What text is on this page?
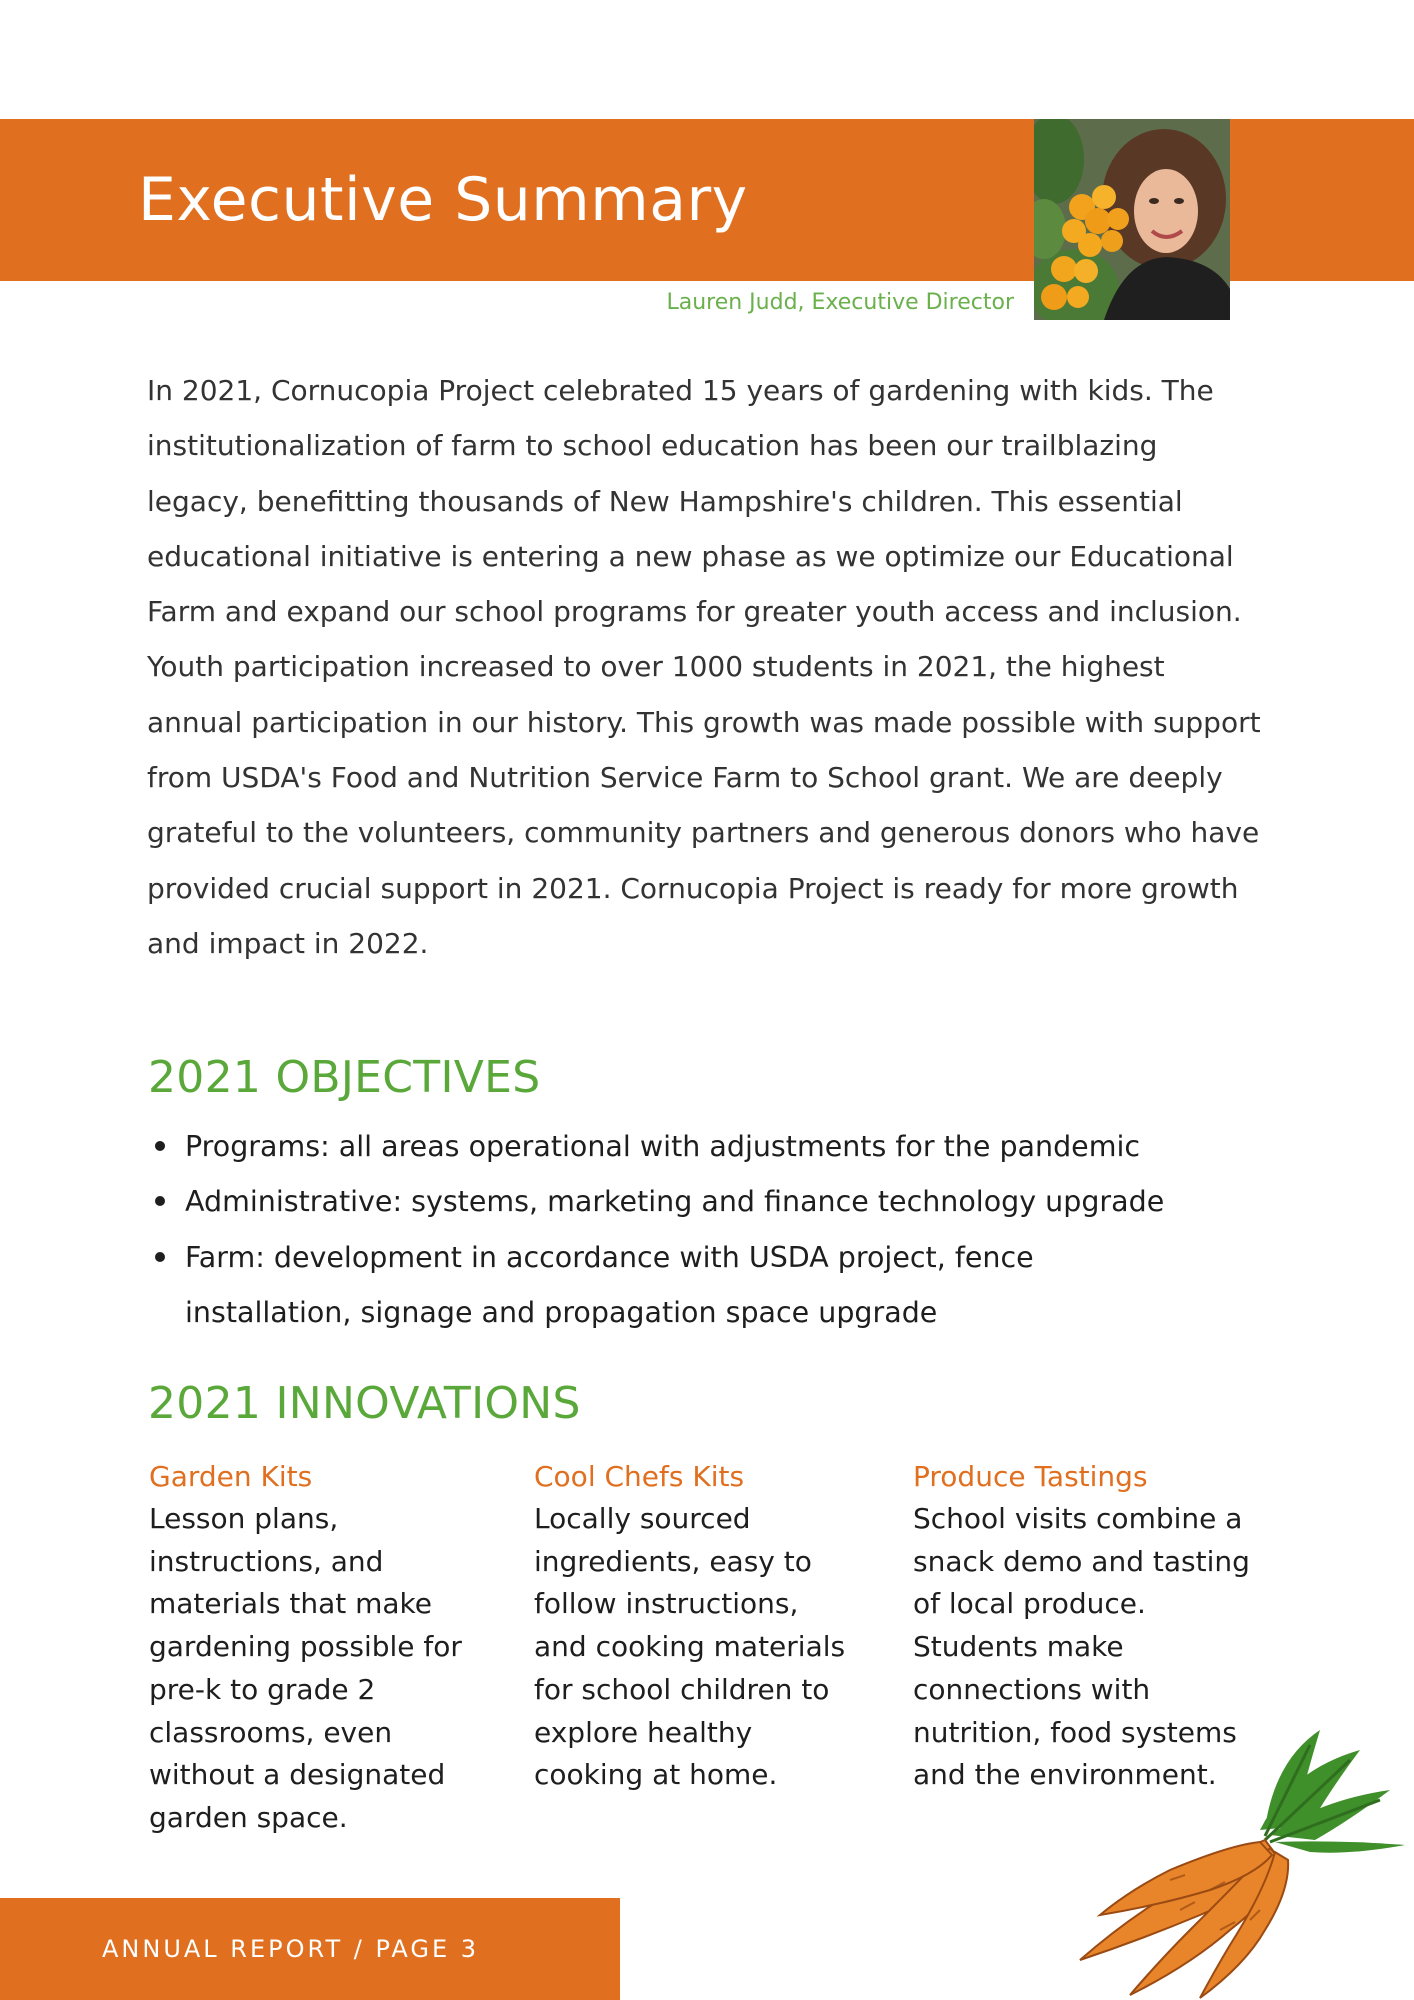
Executive Summary
Lauren Judd, Executive Director

In 2021, Cornucopia Project celebrated 15 years of gardening with kids. The institutionalization of farm to school education has been our trailblazing legacy, benefitting thousands of New Hampshire's children. This essential educational initiative is entering a new phase as we optimize our Educational Farm and expand our school programs for greater youth access and inclusion. Youth participation increased to over 1000 students in 2021, the highest annual participation in our history. This growth was made possible with support from USDA's Food and Nutrition Service Farm to School grant. We are deeply grateful to the volunteers, community partners and generous donors who have provided crucial support in 2021. Cornucopia Project is ready for more growth and impact in 2022.

2021 OBJECTIVES
Programs: all areas operational with adjustments for the pandemic
Administrative: systems, marketing and finance technology upgrade
Farm: development in accordance with USDA project, fence installation, signage and propagation space upgrade
2021 INNOVATIONS

Garden Kits

Lesson plans, instructions, and materials that make gardening possible for pre-k to grade 2 classrooms, even without a designated garden space.

Cool Chefs Kits

Locally sourced ingredients, easy to follow instructions, and cooking materials for school children to explore healthy cooking at home.

Produce Tastings

School visits combine a snack demo and tasting of local produce. Students make connections with nutrition, food systems and the environment.

ANNUAL REPORT / PAGE 3
